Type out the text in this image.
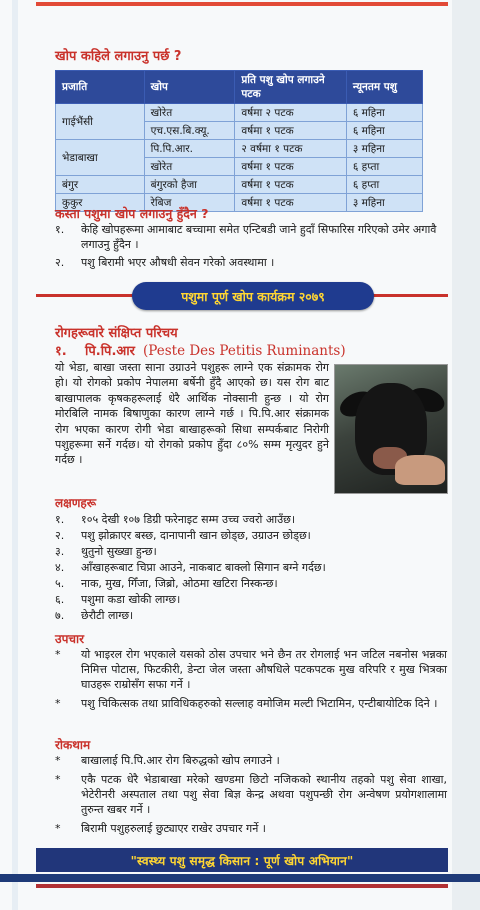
खोप कहिले लगाउनु पर्छ ?
प्रजाति	खोप	प्रति पशु खोप लगाउने पटक	न्यूनतम पशु
गाईभैंसी	खोरेत	वर्षमा २ पटक	६ महिना
	एच.एस.बि.क्यू.	वर्षमा १ पटक	६ महिना
भेडाबाखा	पि.पि.आर.	२ वर्षमा १ पटक	३ महिना
	खोरेत	वर्षमा १ पटक	६ हप्ता
बंगुर	बंगुरको हैजा	वर्षमा १ पटक	६ हप्ता
कुकुर	रेबिज	वर्षमा १ पटक	३ महिना
कस्ता पशुमा खोप लगाउनु हुँदैन ?
१.	केहि खोपहरूमा आमाबाट बच्चामा समेत एन्टिबडी जाने हुदाँ सिफारिस गरिएको उमेर अगावै लगाउनु हुँदैन ।
२.	पशु बिरामी भएर औषधी सेवन गरेको अवस्थामा ।
पशुमा पूर्ण खोप कार्यक्रम २०७९
रोगहरूवारे संक्षिप्त परिचय
१.	पि.पि.आर (Peste Des Petitis Ruminants)
यो भेडा, बाखा जस्ता साना उग्राउने पशुहरू लाग्ने एक संक्रामक रोग हो। यो रोगको प्रकोप नेपालमा बर्षेनी हुँदै आएको छ। यस रोग बाट बाखापालक कृषकहरूलाई धेरै आर्थिक नोक्सानी हुन्छ । यो रोग मोरबिलि नामक बिषाणुका कारण लाग्ने गर्छ । पि.पि.आर संक्रामक रोग भएका कारण रोगी भेडा बाखाहरूको सिधा सम्पर्कबाट निरोगी पशुहरूमा सर्ने गर्दछ। यो रोगको प्रकोप हुँदा ८०% सम्म मृत्युदर हुने गर्दछ ।
लक्षणहरू
१.	१०५ देखी १०७ डिग्री फरेनाइट सम्म उच्च ज्वरो आउँछ।
२.	पशु झोक्राएर बस्छ, दानापानी खान छोड्छ, उग्राउन छोड्छ।
३.	थुतुनो सुख्खा हुन्छ।
४.	आँखाहरूबाट चिप्रा आउने, नाकबाट बाक्लो सिगान बग्ने गर्दछ।
५.	नाक, मुख, गिँजा, जिब्रो, ओठमा खटिरा निस्कन्छ।
६.	पशुमा कडा खोकी लाग्छ।
७.	छेरौटी लाग्छ।
उपचार
*	यो भाइरल रोग भएकाले यसको ठोस उपचार भने छैन तर रोगलाई भन जटिल नबनोस भन्नका निमित्त पोटास, फिटकीरी, डेन्टा जेल जस्ता औषधिले पटकपटक मुख वरिपरि र मुख भित्रका घाउहरू राम्रोसँग सफा गर्ने ।
*	पशु चिकित्सक तथा प्राविधिकहरुको सल्लाह वमोजिम मल्टी भिटामिन, एन्टीबायोटिक दिने ।
रोकथाम
*	बाखालाई पि.पि.आर रोग बिरुद्धको खोप लगाउने ।
*	एकै पटक धेरै भेडाबाखा मरेको खण्डमा छिटो नजिकको स्थानीय तहको पशु सेवा शाखा, भेटेरीनरी अस्पताल तथा पशु सेवा बिज्ञ केन्द्र अथवा पशुपन्छी रोग अन्वेषण प्रयोगशालामा तुरुन्त खबर गर्ने ।
*	बिरामी पशुहरुलाई छुट्याएर राखेर उपचार गर्ने ।
"स्वस्थ्य पशु समृद्ध किसान : पूर्ण खोप अभियान"
